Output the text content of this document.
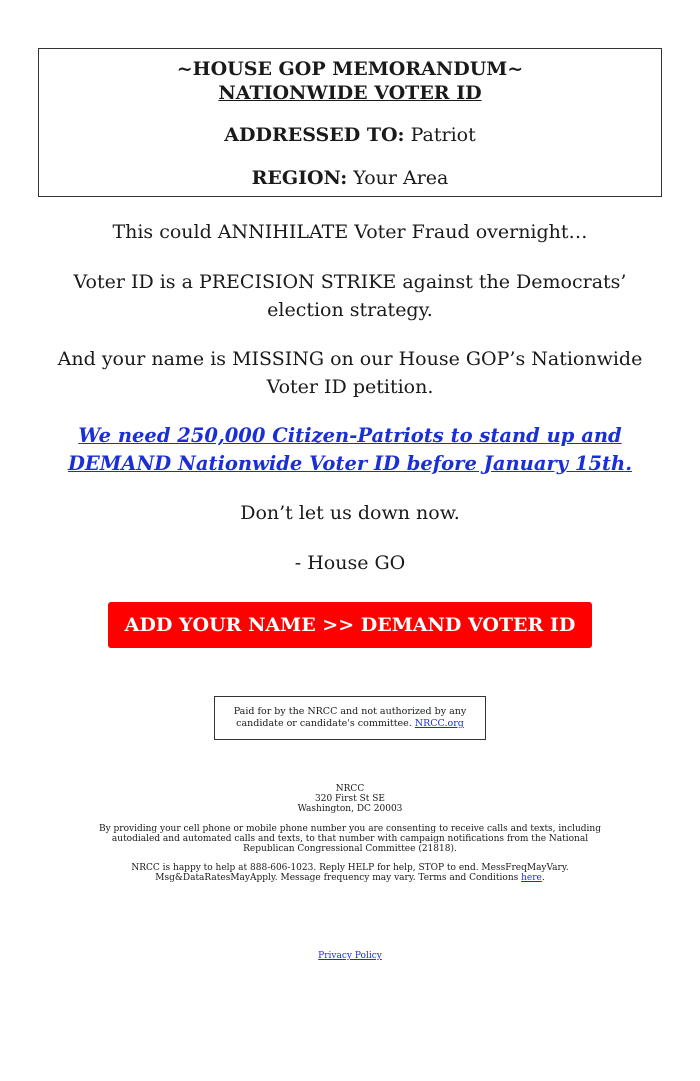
~HOUSE GOP MEMORANDUM~
NATIONWIDE VOTER ID
ADDRESSED TO: Patriot
REGION: Your Area

This could ANNIHILATE Voter Fraud overnight…

Voter ID is a PRECISION STRIKE against the Democrats’ election strategy.

And your name is MISSING on our House GOP’s Nationwide Voter ID petition.

We need 250,000 Citizen-Patriots to stand up and DEMAND Nationwide Voter ID before January 15th.

Don’t let us down now.

- House GO

ADD YOUR NAME >> DEMAND VOTER ID
Paid for by the NRCC and not authorized by any candidate or candidate's committee. NRCC.org
NRCC
320 First St SE
Washington, DC 20003
By providing your cell phone or mobile phone number you are consenting to receive calls and texts, including autodialed and automated calls and texts, to that number with campaign notifications from the National Republican Congressional Committee (21818).
NRCC is happy to help at 888-606-1023. Reply HELP for help, STOP to end. MessFreqMayVary. Msg&DataRatesMayApply. Message frequency may vary. Terms and Conditions here.
Privacy Policy
